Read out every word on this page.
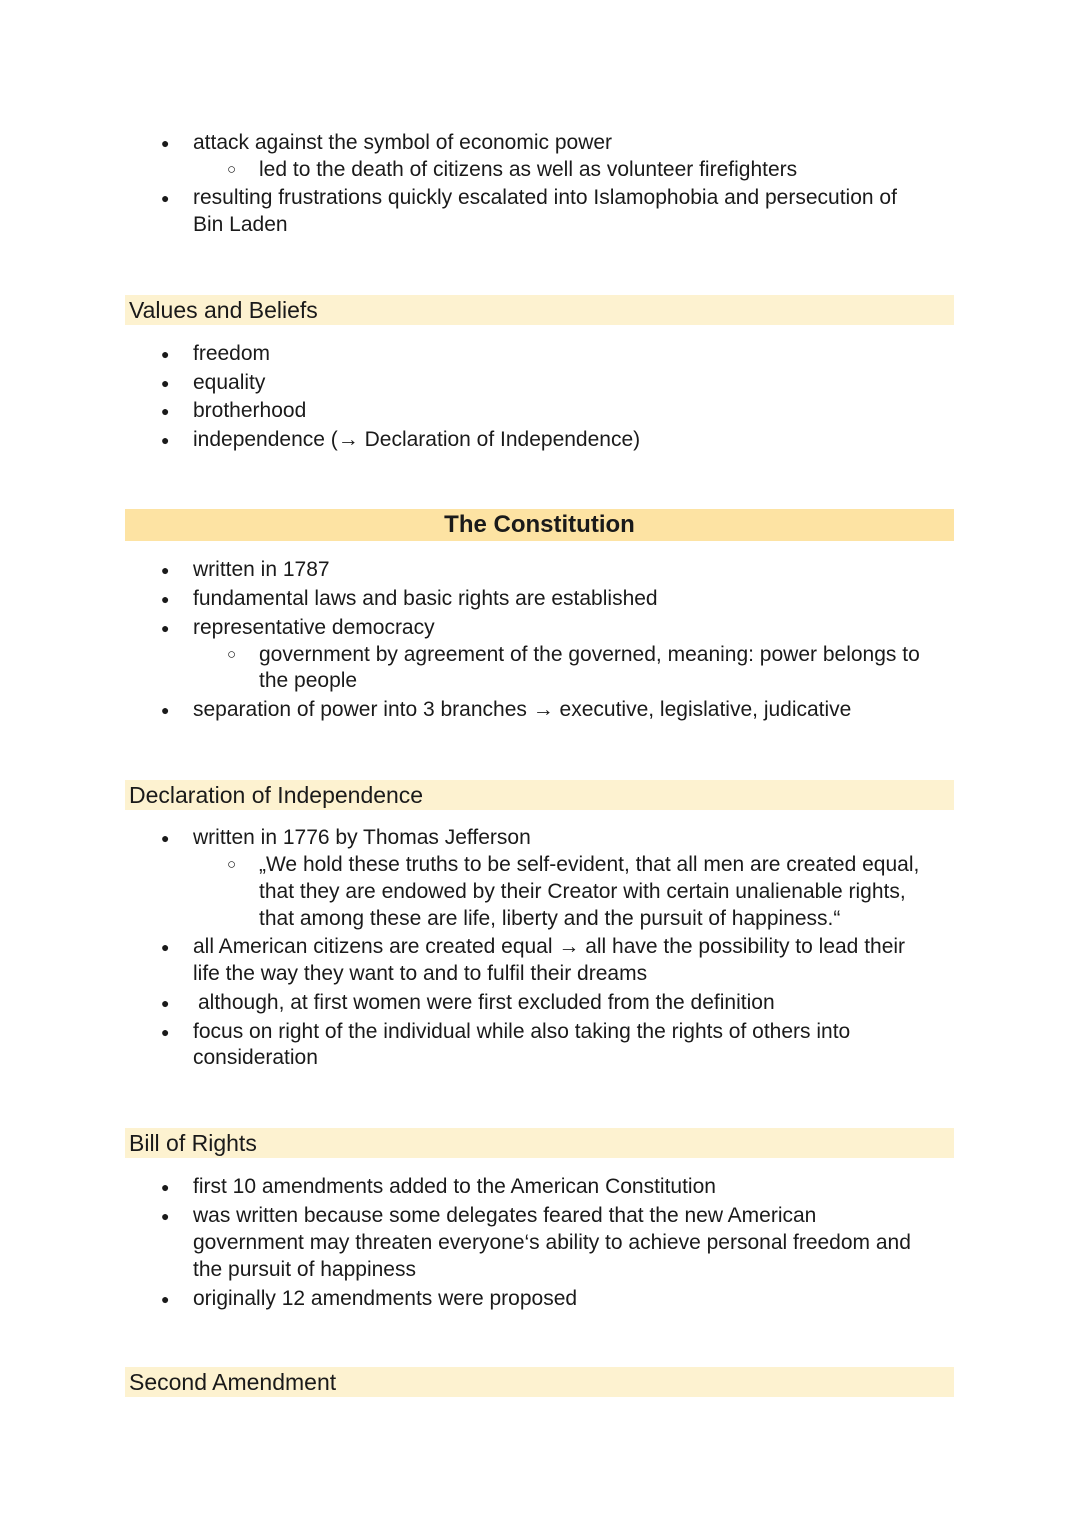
● attack against the symbol of economic power
○ led to the death of citizens as well as volunteer firefighters
● resulting frustrations quickly escalated into Islamophobia and persecution of
Bin Laden
Values and Beliefs
● freedom
● equality
● brotherhood
● independence (→ Declaration of Independence)
The Constitution
● written in 1787
● fundamental laws and basic rights are established
● representative democracy
○ government by agreement of the governed, meaning: power belongs to
the people
● separation of power into 3 branches → executive, legislative, judicative
Declaration of Independence
● written in 1776 by Thomas Jefferson
○ „We hold these truths to be self-evident, that all men are created equal,
that they are endowed by their Creator with certain unalienable rights,
that among these are life, liberty and the pursuit of happiness.“
● all American citizens are created equal → all have the possibility to lead their
life the way they want to and to fulfil their dreams
● although, at first women were first excluded from the definition
● focus on right of the individual while also taking the rights of others into
consideration
Bill of Rights
● first 10 amendments added to the American Constitution
● was written because some delegates feared that the new American
government may threaten everyone‘s ability to achieve personal freedom and
the pursuit of happiness
● originally 12 amendments were proposed
Second Amendment
